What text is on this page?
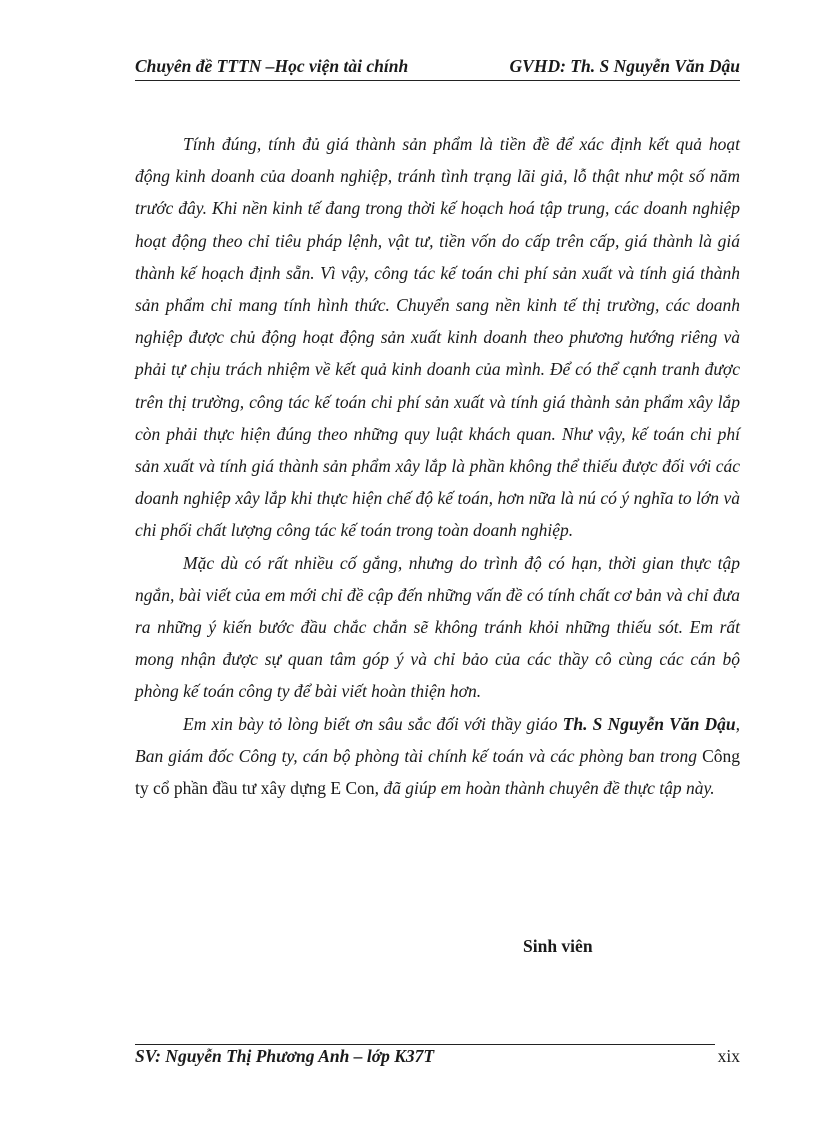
Chuyên đề TTTN –Học viện tài chính	GVHD: Th. S Nguyễn Văn Dậu

Tính đúng, tính đủ giá thành sản phẩm là tiền đề để xác định kết quả hoạt động kinh doanh của doanh nghiệp, tránh tình trạng lãi giả, lỗ thật như một số năm trước đây. Khi nền kinh tế đang trong thời kế hoạch hoá tập trung, các doanh nghiệp hoạt động theo chỉ tiêu pháp lệnh, vật tư, tiền vốn do cấp trên cấp, giá thành là giá thành kế hoạch định sẵn. Vì vậy, công tác kế toán chi phí sản xuất và tính giá thành sản phẩm chỉ mang tính hình thức. Chuyển sang nền kinh tế thị trường, các doanh nghiệp được chủ động hoạt động sản xuất kinh doanh theo phương hướng riêng và phải tự chịu trách nhiệm về kết quả kinh doanh của mình. Để có thể cạnh tranh được trên thị trường, công tác kế toán chi phí sản xuất và tính giá thành sản phẩm xây lắp còn phải thực hiện đúng theo những quy luật khách quan. Như vậy, kế toán chi phí sản xuất và tính giá thành sản phẩm xây lắp là phần không thể thiếu được đối với các doanh nghiệp xây lắp khi thực hiện chế độ kế toán, hơn nữa là nú có ý nghĩa to lớn và chi phối chất lượng công tác kế toán trong toàn doanh nghiệp.

Mặc dù có rất nhiều cố gắng, nhưng do trình độ có hạn, thời gian thực tập ngắn, bài viết của em mới chỉ đề cập đến những vấn đề có tính chất cơ bản và chỉ đưa ra những ý kiến bước đầu chắc chắn sẽ không tránh khỏi những thiếu sót. Em rất mong nhận được sự quan tâm góp ý và chỉ bảo của các thầy cô cùng các cán bộ phòng kế toán công ty để bài viết hoàn thiện hơn.

Em xin bày tỏ lòng biết ơn sâu sắc đối với thầy giáo Th. S Nguyễn Văn Dậu, Ban giám đốc Công ty, cán bộ phòng tài chính kế toán và các phòng ban trong Công ty cổ phần đầu tư xây dựng E Con, đã giúp em hoàn thành chuyên đề thực tập này.

Sinh viên
SV: Nguyễn Thị Phương Anh – lớp K37T	xix
